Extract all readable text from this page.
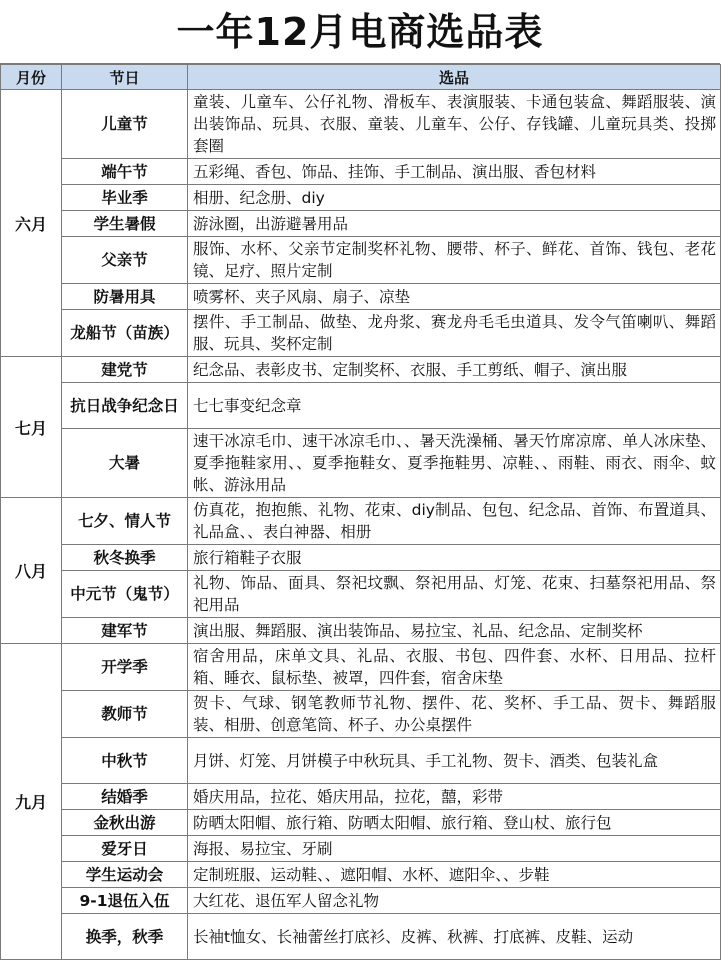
一年12月电商选品表
月份	节日	选品
六月	儿童节	童装、儿童车、公仔礼物、滑板车、表演服装、卡通包装盒、舞蹈服装、演出装饰品、玩具、衣服、童装、儿童车、公仔、存钱罐、儿童玩具类、投掷套圈
	端午节	五彩绳、香包、饰品、挂饰、手工制品、演出服、香包材料
	毕业季	相册、纪念册、diy
	学生暑假	游泳圈，出游避暑用品
	父亲节	服饰、水杯、父亲节定制奖杯礼物、腰带、杯子、鲜花、首饰、钱包、老花镜、足疗、照片定制
	防暑用具	喷雾杯、夹子风扇、扇子、凉垫
	龙船节（苗族）	摆件、手工制品、做垫、龙舟浆、赛龙舟毛毛虫道具、发令气笛喇叭、舞蹈服、玩具、奖杯定制
七月	建党节	纪念品、表彰皮书、定制奖杯、衣服、手工剪纸、帽子、演出服
	抗日战争纪念日	七七事变纪念章
	大暑	速干冰凉毛巾、速干冰凉毛巾、、暑天洗澡桶、暑天竹席凉席、单人冰床垫、夏季拖鞋家用、、夏季拖鞋女、夏季拖鞋男、凉鞋、、雨鞋、雨衣、雨伞、蚊帐、游泳用品
八月	七夕、情人节	仿真花，抱抱熊、礼物、花束、diy制品、包包、纪念品、首饰、布置道具、礼品盒、、表白神器、相册
	秋冬换季	旅行箱鞋子衣服
	中元节（鬼节）	礼物、饰品、面具、祭祀坟飘、祭祀用品、灯笼、花束、扫墓祭祀用品、祭祀用品
	建军节	演出服、舞蹈服、演出装饰品、易拉宝、礼品、纪念品、定制奖杯
九月	开学季	宿舍用品，床单文具、礼品、衣服、书包、四件套、水杯、日用品、拉杆箱、睡衣、鼠标垫、被罩，四件套，宿舍床垫
	教师节	贺卡、气球、钢笔教师节礼物、摆件、花、奖杯、手工品、贺卡、舞蹈服装、相册、创意笔筒、杯子、办公桌摆件
	中秋节	月饼、灯笼、月饼模子中秋玩具、手工礼物、贺卡、酒类、包装礼盒
	结婚季	婚庆用品，拉花、婚庆用品，拉花，囍，彩带
	金秋出游	防晒太阳帽、旅行箱、防晒太阳帽、旅行箱、登山杖、旅行包
	爱牙日	海报、易拉宝、牙刷
	学生运动会	定制班服、运动鞋、、遮阳帽、水杯、遮阳伞、、步鞋
	9-1退伍入伍	大红花、退伍军人留念礼物
	换季，秋季	长袖t恤女、长袖蕾丝打底衫、皮裤、秋裤、打底裤、皮鞋、运动
